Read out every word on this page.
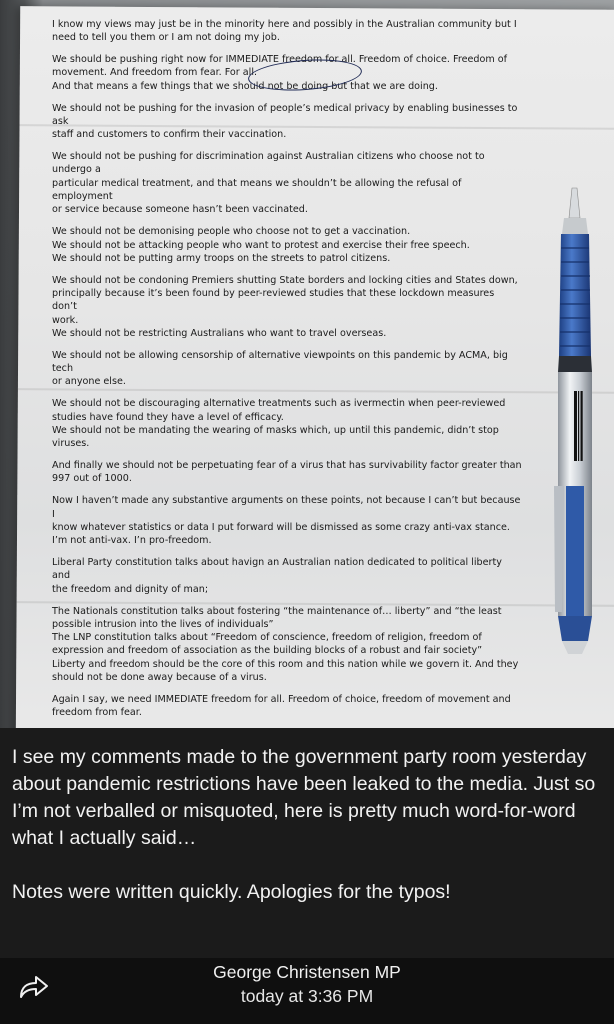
I know my views may just be in the minority here and possibly in the Australian community but I
need to tell you them or I am not doing my job.

We should be pushing right now for IMMEDIATE freedom for all. Freedom of choice. Freedom of
movement. And freedom from fear. For all.
And that means a few things that we should not be doing but that we are doing.

We should not be pushing for the invasion of people’s medical privacy by enabling businesses to ask
staff and customers to confirm their vaccination.

We should not be pushing for discrimination against Australian citizens who choose not to undergo a
particular medical treatment, and that means we shouldn’t be allowing the refusal of employment
or service because someone hasn’t been vaccinated.

We should not be demonising people who choose not to get a vaccination.
We should not be attacking people who want to protest and exercise their free speech.
We should not be putting army troops on the streets to patrol citizens.

We should not be condoning Premiers shutting State borders and locking cities and States down,
principally because it’s been found by peer-reviewed studies that these lockdown measures don’t
work.
We should not be restricting Australians who want to travel overseas.

We should not be allowing censorship of alternative viewpoints on this pandemic by ACMA, big tech
or anyone else.

We should not be discouraging alternative treatments such as ivermectin when peer-reviewed
studies have found they have a level of efficacy.
We should not be mandating the wearing of masks which, up until this pandemic, didn’t stop
viruses.

And finally we should not be perpetuating fear of a virus that has survivability factor greater than
997 out of 1000.

Now I haven’t made any substantive arguments on these points, not because I can’t but because I
know whatever statistics or data I put forward will be dismissed as some crazy anti-vax stance.
I’m not anti-vax. I’n pro-freedom.

Liberal Party constitution talks about havign an Australian nation dedicated to political liberty and
the freedom and dignity of man;

The Nationals constitution talks about fostering “the maintenance of… liberty” and “the least
possible intrusion into the lives of individuals”
The LNP constitution talks about “Freedom of conscience, freedom of religion, freedom of
expression and freedom of association as the building blocks of a robust and fair society”
Liberty and freedom should be the core of this room and this nation while we govern it. And they
should not be done away because of a virus.

Again I say, we need IMMEDIATE freedom for all. Freedom of choice, freedom of movement and
freedom from fear.

I see my comments made to the government party room yesterday about pandemic restrictions have been leaked to the media. Just so I’m not verballed or misquoted, here is pretty much word-for-word what I actually said…

Notes were written quickly. Apologies for the typos!

George Christensen MP
today at 3:36 PM
